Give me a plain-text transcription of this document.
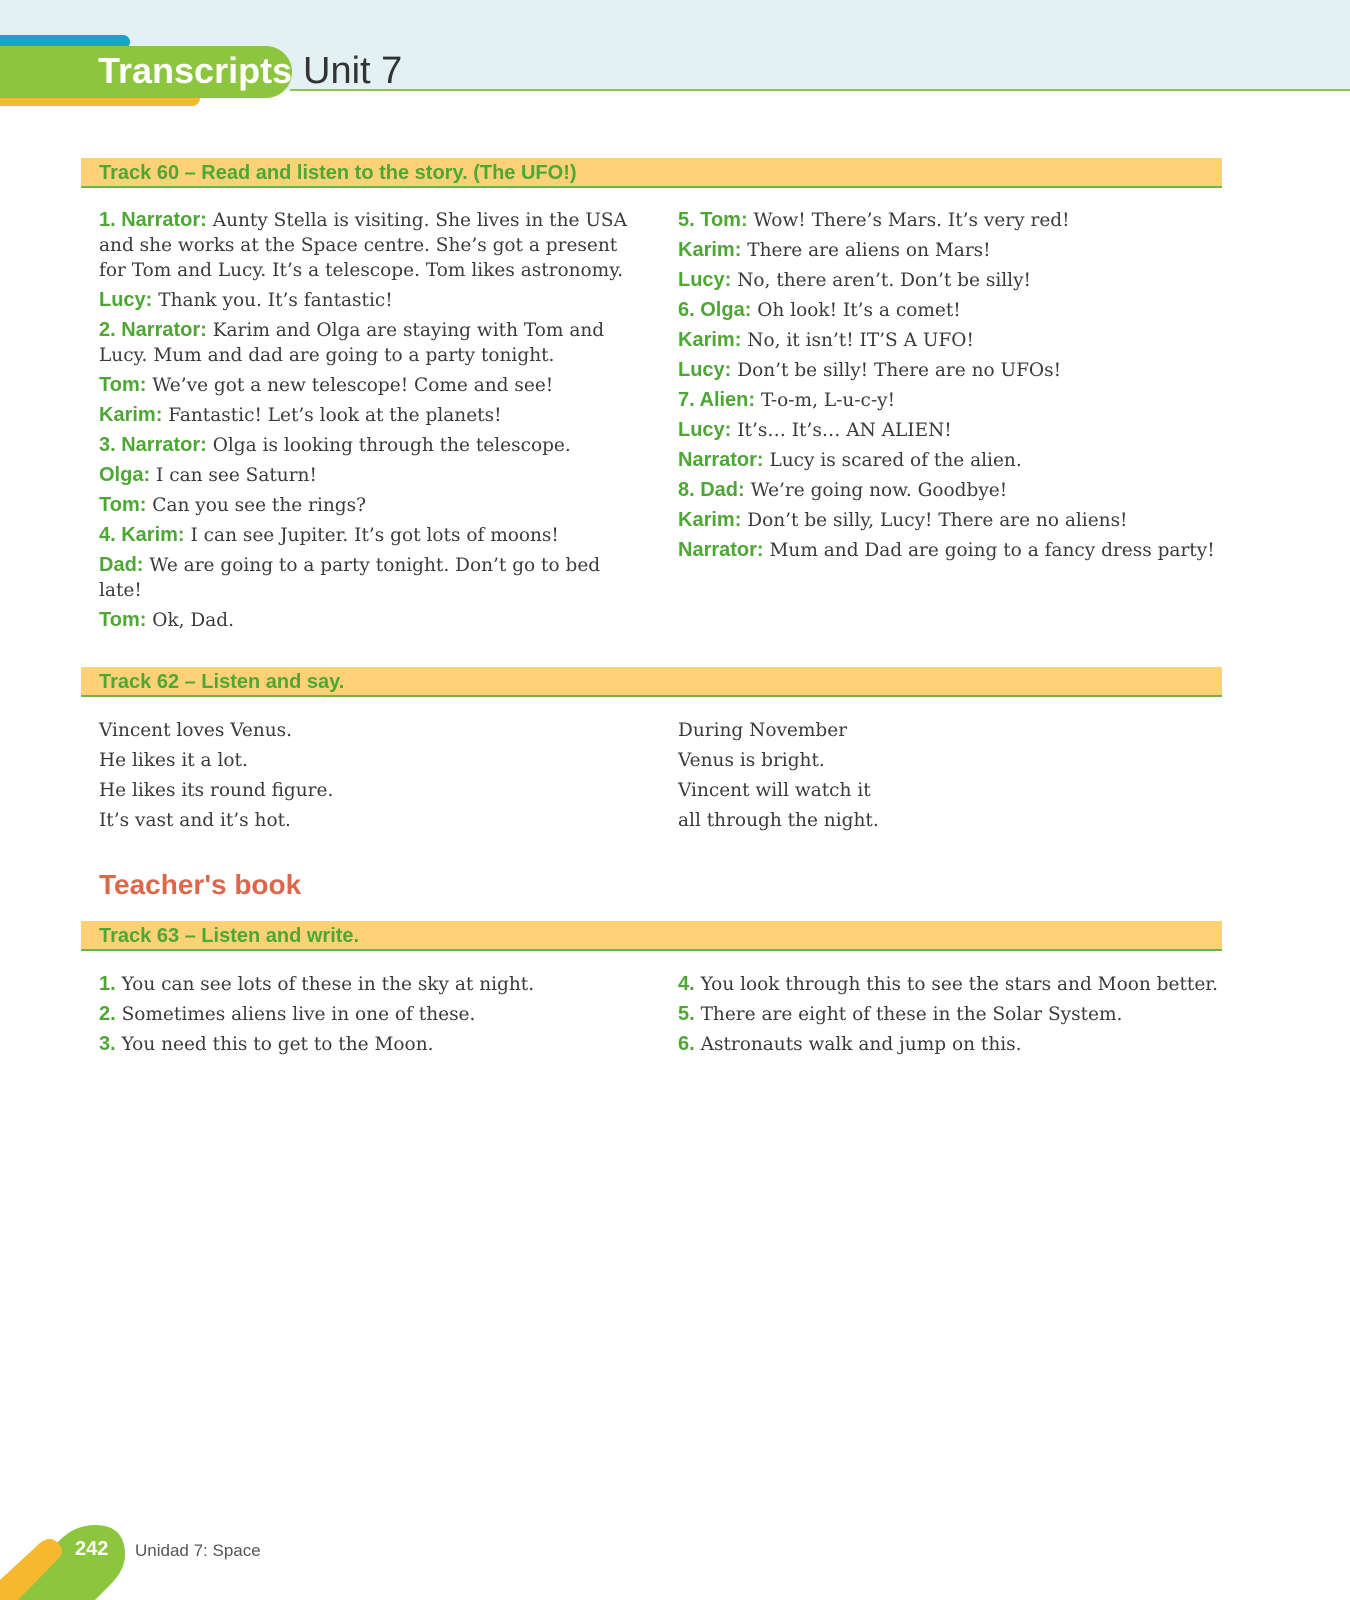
Transcripts Unit 7
Track 60 – Read and listen to the story. (The UFO!)
1. Narrator: Aunty Stella is visiting. She lives in the USA and she works at the Space centre. She’s got a present for Tom and Lucy. It’s a telescope. Tom likes astronomy.
Lucy: Thank you. It’s fantastic!
2. Narrator: Karim and Olga are staying with Tom and Lucy. Mum and dad are going to a party tonight.
Tom: We’ve got a new telescope! Come and see!
Karim: Fantastic! Let’s look at the planets!
3. Narrator: Olga is looking through the telescope.
Olga: I can see Saturn!
Tom: Can you see the rings?
4. Karim: I can see Jupiter. It’s got lots of moons!
Dad: We are going to a party tonight. Don’t go to bed late!
Tom: Ok, Dad.
5. Tom: Wow! There’s Mars. It’s very red!
Karim: There are aliens on Mars!
Lucy: No, there aren’t. Don’t be silly!
6. Olga: Oh look! It’s a comet!
Karim: No, it isn’t! IT’S A UFO!
Lucy: Don’t be silly! There are no UFOs!
7. Alien: T-o-m, L-u-c-y!
Lucy: It’s… It’s… AN ALIEN!
Narrator: Lucy is scared of the alien.
8. Dad: We’re going now. Goodbye!
Karim: Don’t be silly, Lucy! There are no aliens!
Narrator: Mum and Dad are going to a fancy dress party!
Track 62 – Listen and say.
Vincent loves Venus.
He likes it a lot.
He likes its round figure.
It’s vast and it’s hot.
During November
Venus is bright.
Vincent will watch it
all through the night.
Teacher's book
Track 63 – Listen and write.
1. You can see lots of these in the sky at night.
2. Sometimes aliens live in one of these.
3. You need this to get to the Moon.
4. You look through this to see the stars and Moon better.
5. There are eight of these in the Solar System.
6. Astronauts walk and jump on this.
242 Unidad 7: Space
